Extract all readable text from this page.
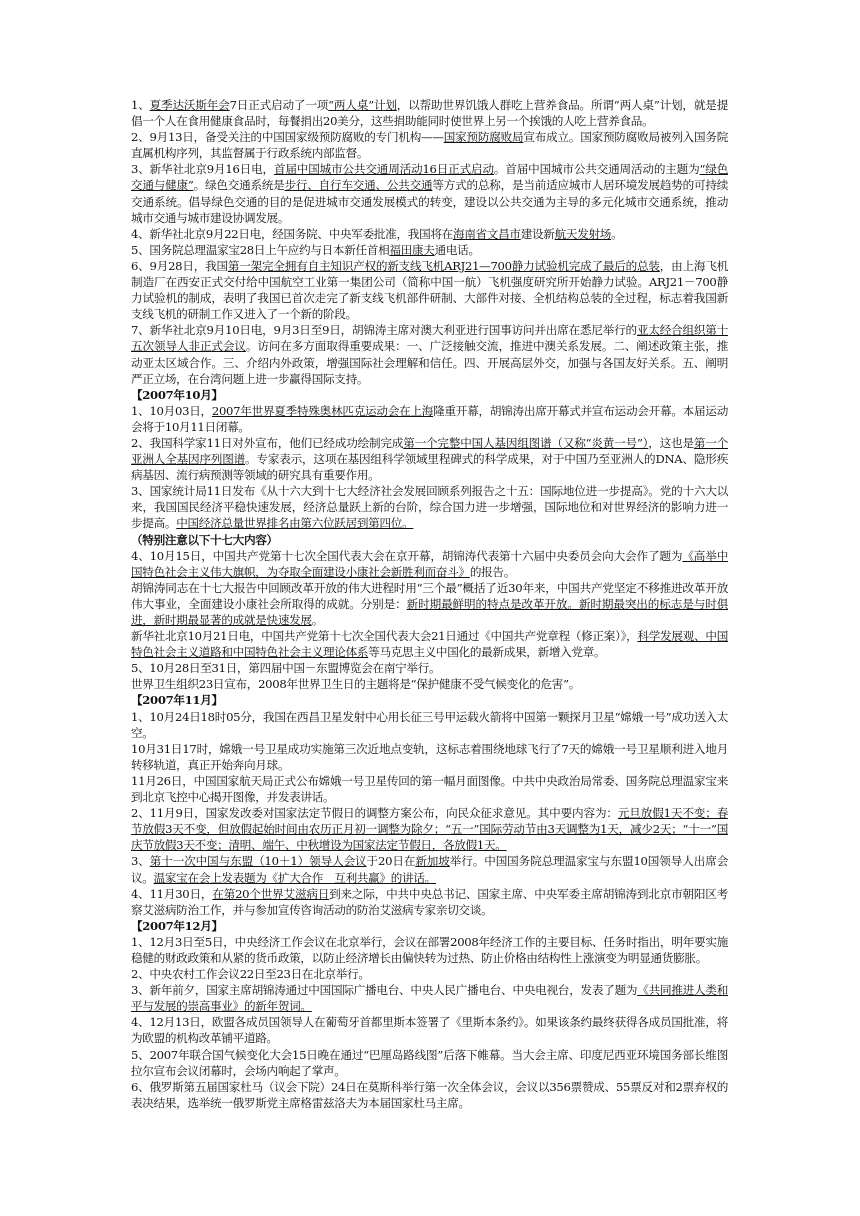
1、夏季达沃斯年会7日正式启动了一项“两人桌”计划，以帮助世界饥饿人群吃上营养食品。所谓“两人桌”计划，就是提倡一个人在食用健康食品时，每餐捐出20美分，这些捐助能同时使世界上另一个挨饿的人吃上营养食品。

2、9月13日，备受关注的中国国家级预防腐败的专门机构——国家预防腐败局宣布成立。国家预防腐败局被列入国务院直属机构序列，其监督属于行政系统内部监督。

3、新华社北京9月16日电，首届中国城市公共交通周活动16日正式启动。首届中国城市公共交通周活动的主题为“绿色交通与健康”。绿色交通系统是步行、自行车交通、公共交通等方式的总称，是当前适应城市人居环境发展趋势的可持续交通系统。倡导绿色交通的目的是促进城市交通发展模式的转变，建设以公共交通为主导的多元化城市交通系统，推动城市交通与城市建设协调发展。

4、新华社北京9月22日电，经国务院、中央军委批准，我国将在海南省文昌市建设新航天发射场。

5、国务院总理温家宝28日上午应约与日本新任首相福田康夫通电话。

6、9月28日，我国第一架完全拥有自主知识产权的新支线飞机ARJ21—700静力试验机完成了最后的总装，由上海飞机制造厂在西安正式交付给中国航空工业第一集团公司（简称中国一航）飞机强度研究所开始静力试验。ARJ21－700静力试验机的制成，表明了我国已首次走完了新支线飞机部件研制、大部件对接、全机结构总装的全过程，标志着我国新支线飞机的研制工作又进入了一个新的阶段。

7、新华社北京9月10日电，9月3日至9日，胡锦涛主席对澳大利亚进行国事访问并出席在悉尼举行的亚太经合组织第十五次领导人非正式会议。访问在多方面取得重要成果：一、广泛接触交流，推进中澳关系发展。二、阐述政策主张，推动亚太区域合作。三、介绍内外政策，增强国际社会理解和信任。四、开展高层外交，加强与各国友好关系。五、阐明严正立场，在台湾问题上进一步赢得国际支持。

【2007年10月】

1、10月03日，2007年世界夏季特殊奥林匹克运动会在上海隆重开幕，胡锦涛出席开幕式并宣布运动会开幕。本届运动会将于10月11日闭幕。

2、我国科学家11日对外宣布，他们已经成功绘制完成第一个完整中国人基因组图谱（又称“炎黄一号”），这也是第一个亚洲人全基因序列图谱。专家表示，这项在基因组科学领域里程碑式的科学成果，对于中国乃至亚洲人的DNA、隐形疾病基因、流行病预测等领域的研究具有重要作用。

3、国家统计局11日发布《从十六大到十七大经济社会发展回顾系列报告之十五：国际地位进一步提高》。党的十六大以来，我国国民经济平稳快速发展，经济总量跃上新的台阶，综合国力进一步增强，国际地位和对世界经济的影响力进一步提高。中国经济总量世界排名由第六位跃居到第四位。

（特别注意以下十七大内容）

4、10月15日，中国共产党第十七次全国代表大会在京开幕，胡锦涛代表第十六届中央委员会向大会作了题为《高举中国特色社会主义伟大旗帜，为夺取全面建设小康社会新胜利而奋斗》的报告。

胡锦涛同志在十七大报告中回顾改革开放的伟大进程时用“三个最”概括了近30年来，中国共产党坚定不移推进改革开放伟大事业，全面建设小康社会所取得的成就。分别是：新时期最鲜明的特点是改革开放。新时期最突出的标志是与时俱进，新时期最显著的成就是快速发展。

新华社北京10月21日电，中国共产党第十七次全国代表大会21日通过《中国共产党章程（修正案）》，科学发展观、中国特色社会主义道路和中国特色社会主义理论体系等马克思主义中国化的最新成果，新增入党章。

5、10月28日至31日，第四届中国－东盟博览会在南宁举行。

世界卫生组织23日宣布，2008年世界卫生日的主题将是“保护健康不受气候变化的危害”。

【2007年11月】

1、10月24日18时05分，我国在西昌卫星发射中心用长征三号甲运载火箭将中国第一颗探月卫星“嫦娥一号”成功送入太空。

10月31日17时，嫦娥一号卫星成功实施第三次近地点变轨，这标志着围绕地球飞行了7天的嫦娥一号卫星顺利进入地月转移轨道，真正开始奔向月球。

11月26日，中国国家航天局正式公布嫦娥一号卫星传回的第一幅月面图像。中共中央政治局常委、国务院总理温家宝来到北京飞控中心揭开图像，并发表讲话。

2、11月9日，国家发改委对国家法定节假日的调整方案公布，向民众征求意见。其中要内容为：元旦放假1天不变；春节放假3天不变，但放假起始时间由农历正月初一调整为除夕；“五一”国际劳动节由3天调整为1天，减少2天；“十一”国庆节放假3天不变；清明、端午、中秋增设为国家法定节假日，各放假1天。

3、第十一次中国与东盟（10＋1）领导人会议于20日在新加坡举行。中国国务院总理温家宝与东盟10国领导人出席会议。温家宝在会上发表题为《扩大合作　互利共赢》的讲话。

4、11月30日，在第20个世界艾滋病日到来之际，中共中央总书记、国家主席、中央军委主席胡锦涛到北京市朝阳区考察艾滋病防治工作，并与参加宣传咨询活动的防治艾滋病专家亲切交谈。

【2007年12月】

1、12月3日至5日，中央经济工作会议在北京举行，会议在部署2008年经济工作的主要目标、任务时指出，明年要实施稳健的财政政策和从紧的货币政策，以防止经济增长由偏快转为过热、防止价格由结构性上涨演变为明显通货膨胀。

2、中央农村工作会议22日至23日在北京举行。

3、新年前夕，国家主席胡锦涛通过中国国际广播电台、中央人民广播电台、中央电视台，发表了题为《共同推进人类和平与发展的崇高事业》的新年贺词。

4、12月13日，欧盟各成员国领导人在葡萄牙首都里斯本签署了《里斯本条约》。如果该条约最终获得各成员国批准，将为欧盟的机构改革铺平道路。

5、2007年联合国气候变化大会15日晚在通过“巴厘岛路线图”后落下帷幕。当大会主席、印度尼西亚环境国务部长维图拉尔宣布会议闭幕时，会场内响起了掌声。

6、俄罗斯第五届国家杜马（议会下院）24日在莫斯科举行第一次全体会议，会议以356票赞成、55票反对和2票弃权的表决结果，选举统一俄罗斯党主席格雷兹洛夫为本届国家杜马主席。
